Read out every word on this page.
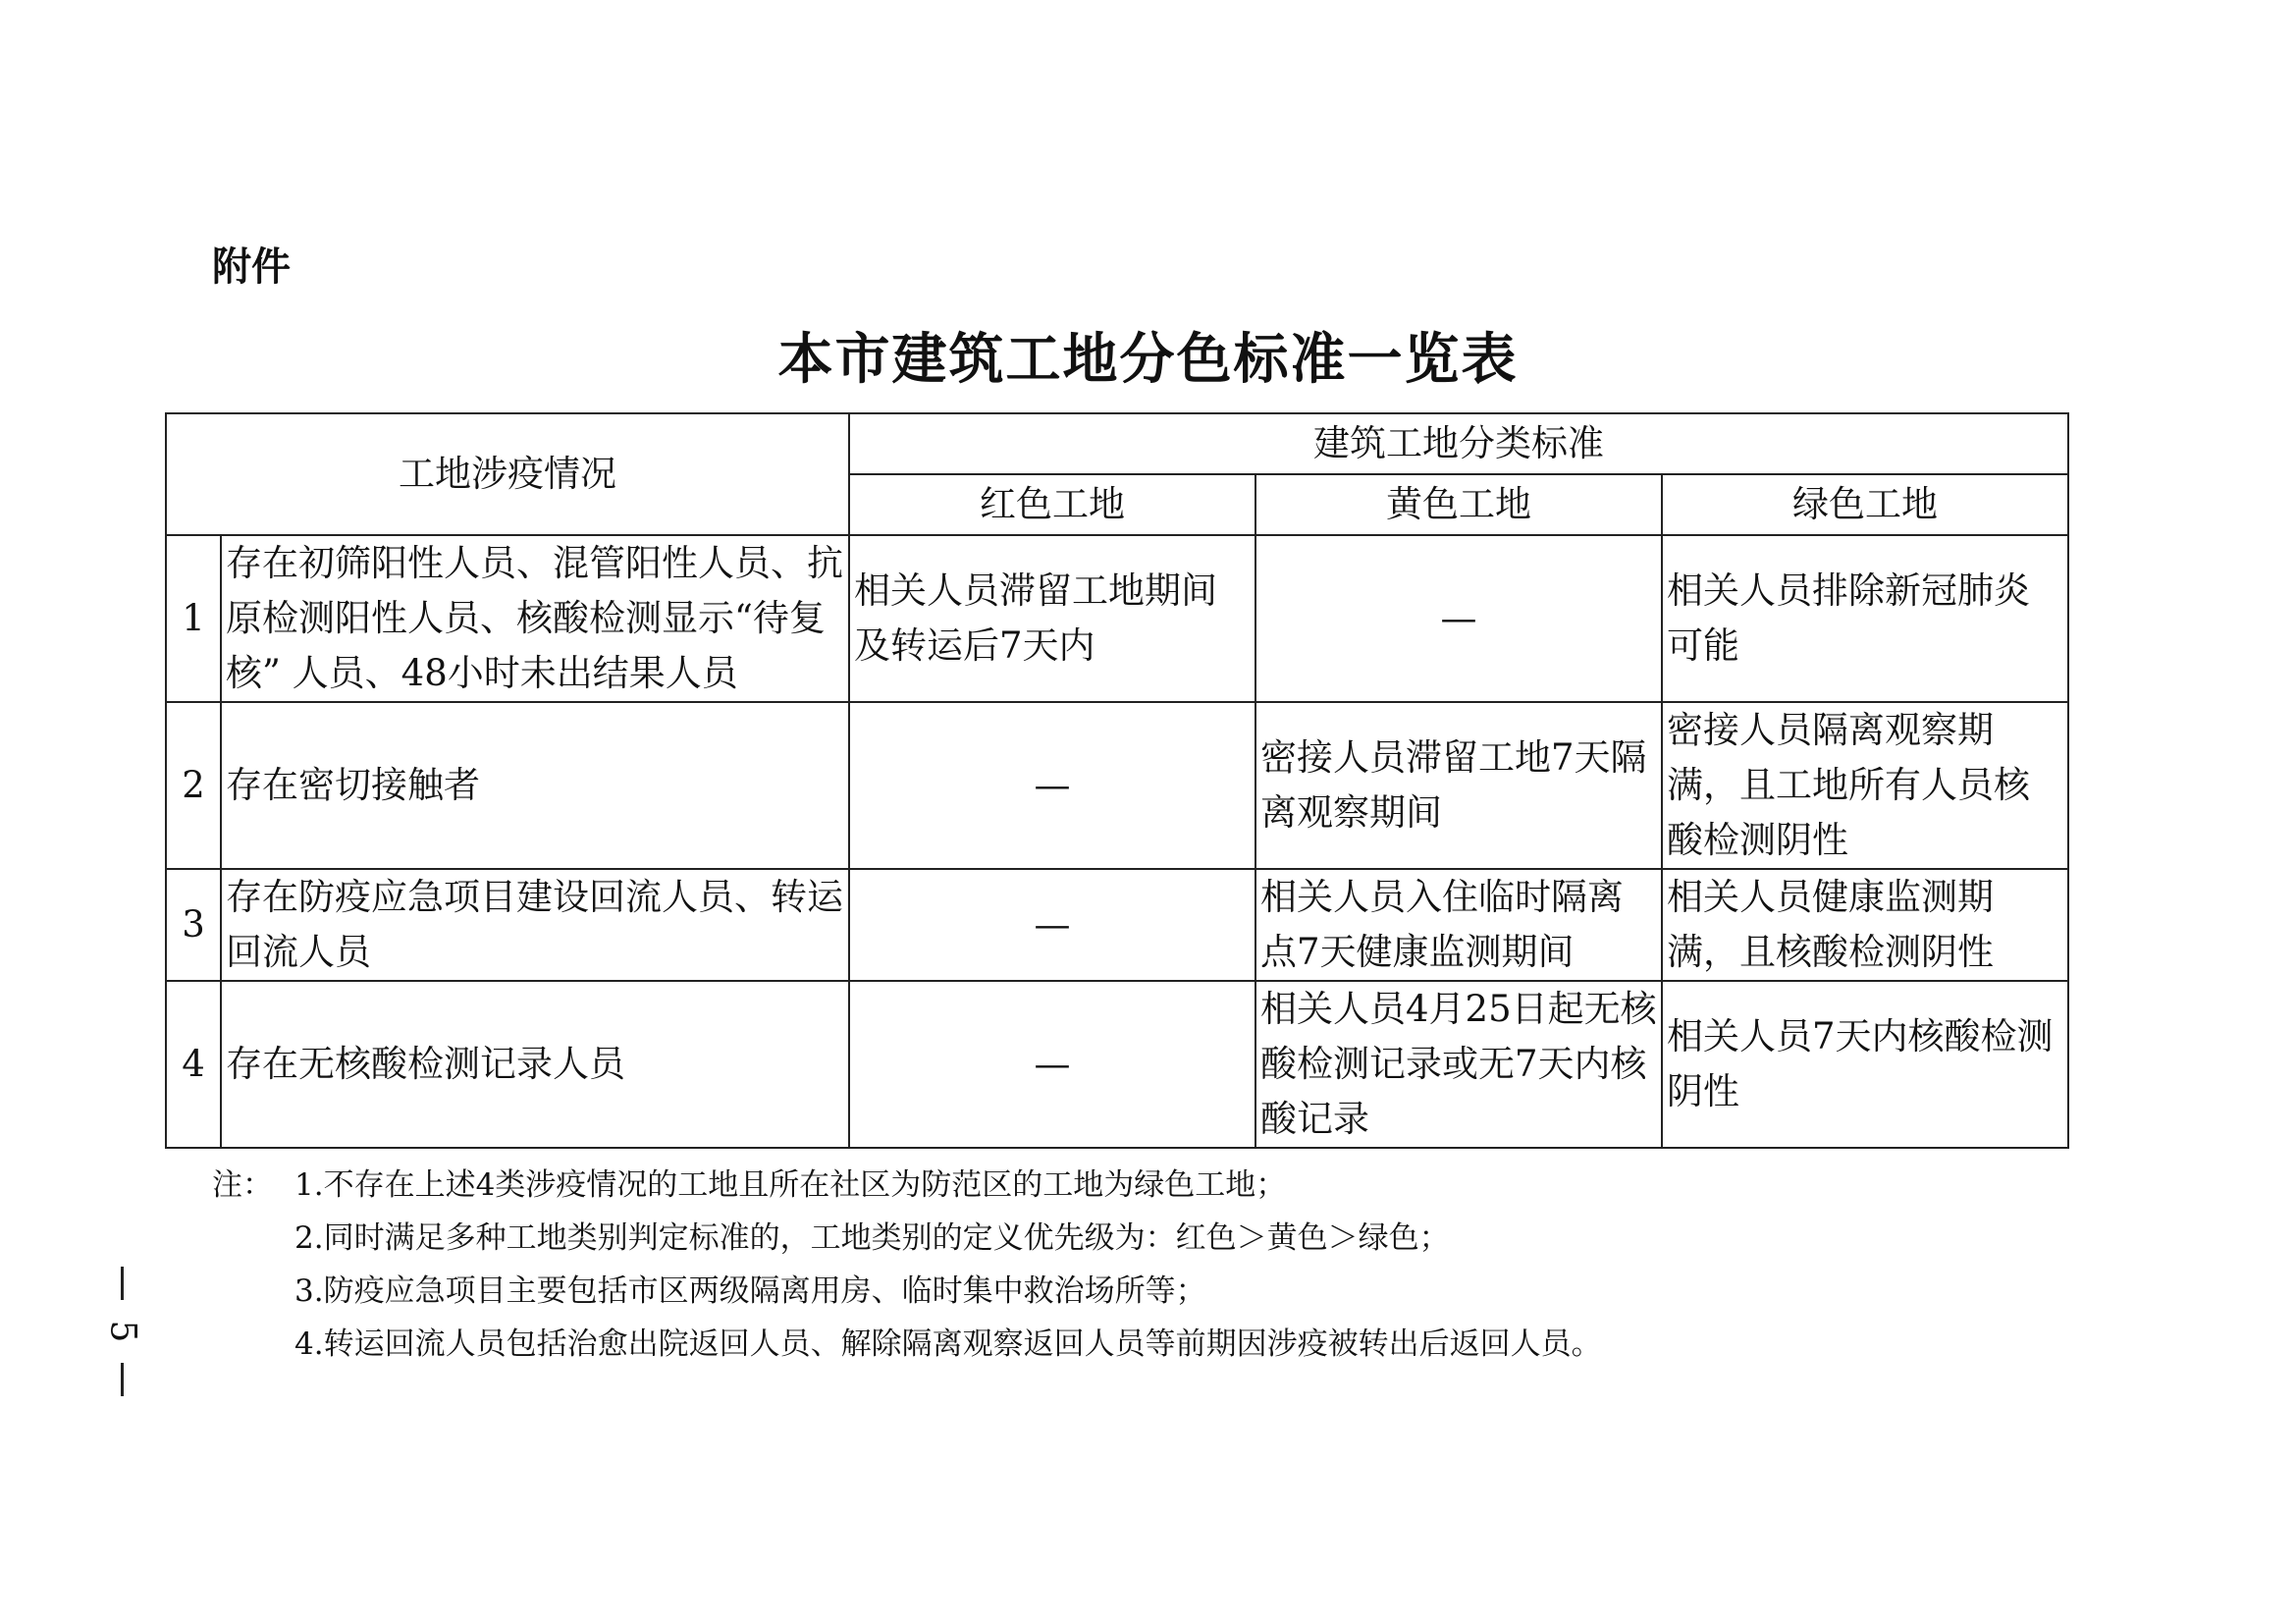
附件
本市建筑工地分色标准一览表
工地涉疫情况		建筑工地分类标准		
		红色工地	黄色工地	绿色工地
1	存在初筛阳性人员、混管阳性人员、抗原检测阳性人员、核酸检测显示“待复核” 人员、48小时未出结果人员	相关人员滞留工地期间及转运后7天内	—	相关人员排除新冠肺炎可能
2	存在密切接触者	—	密接人员滞留工地7天隔离观察期间	密接人员隔离观察期满，且工地所有人员核酸检测阴性
3	存在防疫应急项目建设回流人员、转运回流人员	—	相关人员入住临时隔离点7天健康监测期间	相关人员健康监测期满，且核酸检测阴性
4	存在无核酸检测记录人员	—	相关人员4月25日起无核酸检测记录或无7天内核酸记录	相关人员7天内核酸检测阴性
注： 1.不存在上述4类涉疫情况的工地且所在社区为防范区的工地为绿色工地；
2.同时满足多种工地类别判定标准的，工地类别的定义优先级为：红色＞黄色＞绿色；
3.防疫应急项目主要包括市区两级隔离用房、临时集中救治场所等；
4.转运回流人员包括治愈出院返回人员、解除隔离观察返回人员等前期因涉疫被转出后返回人员。
5
